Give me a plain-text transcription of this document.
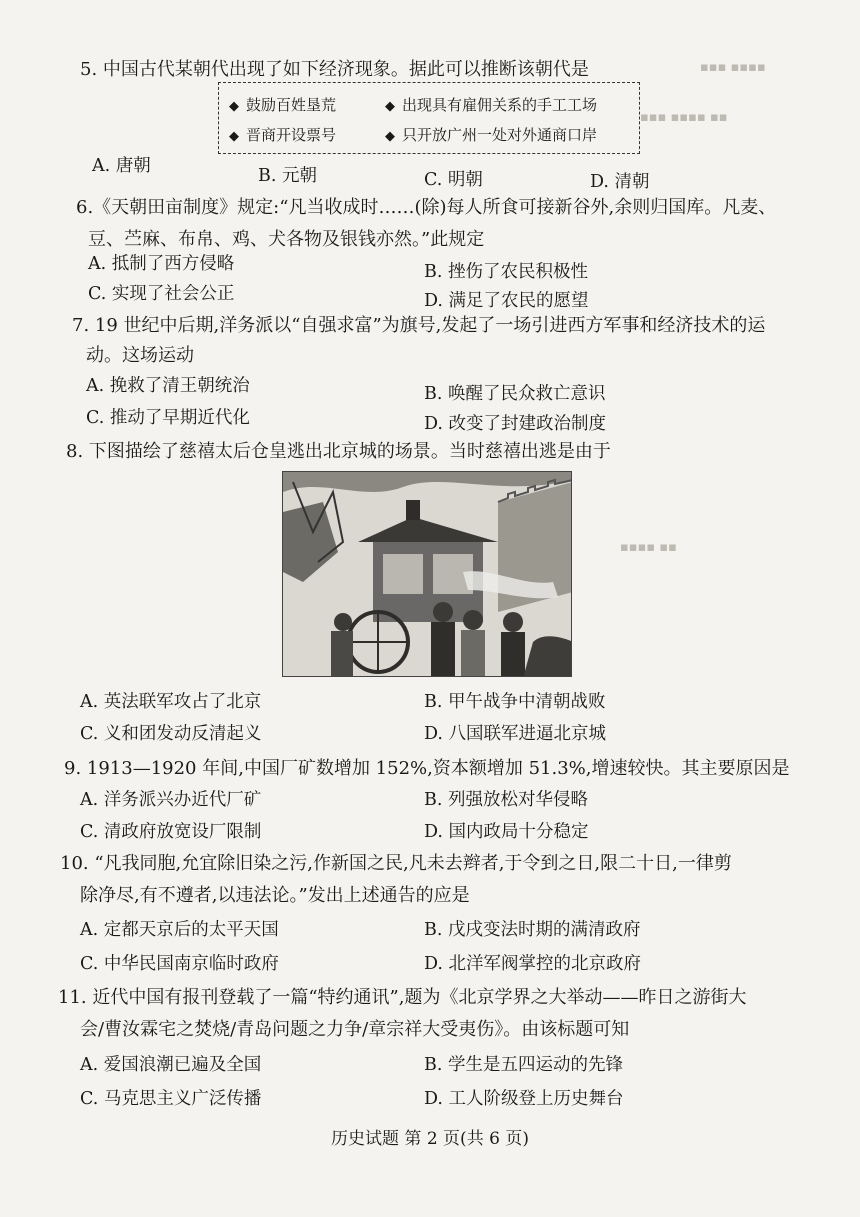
▪▪▪ ▪▪▪▪
▪▪▪ ▪▪▪▪ ▪▪
▪▪▪▪ ▪▪
5. 中国古代某朝代出现了如下经济现象。据此可以推断该朝代是
◆ 鼓励百姓垦荒	◆ 出现具有雇佣关系的手工工场
◆ 晋商开设票号	◆ 只开放广州一处对外通商口岸
A. 唐朝	B. 元朝	C. 明朝	D. 清朝
6.《天朝田亩制度》规定:“凡当收成时……(除)每人所食可接新谷外,余则归国库。凡麦、
豆、苎麻、布帛、鸡、犬各物及银钱亦然。”此规定
A. 抵制了西方侵略	B. 挫伤了农民积极性
C. 实现了社会公正	D. 满足了农民的愿望
7. 19 世纪中后期,洋务派以“自强求富”为旗号,发起了一场引进西方军事和经济技术的运
动。这场运动
A. 挽救了清王朝统治	B. 唤醒了民众救亡意识
C. 推动了早期近代化	D. 改变了封建政治制度
8. 下图描绘了慈禧太后仓皇逃出北京城的场景。当时慈禧出逃是由于
A. 英法联军攻占了北京	B. 甲午战争中清朝战败
C. 义和团发动反清起义	D. 八国联军进逼北京城
9. 1913—1920 年间,中国厂矿数增加 152%,资本额增加 51.3%,增速较快。其主要原因是
A. 洋务派兴办近代厂矿	B. 列强放松对华侵略
C. 清政府放宽设厂限制	D. 国内政局十分稳定
10. “凡我同胞,允宜除旧染之污,作新国之民,凡未去辫者,于令到之日,限二十日,一律剪
除净尽,有不遵者,以违法论。”发出上述通告的应是
A. 定都天京后的太平天国	B. 戊戌变法时期的满清政府
C. 中华民国南京临时政府	D. 北洋军阀掌控的北京政府
11. 近代中国有报刊登载了一篇“特约通讯”,题为《北京学界之大举动——昨日之游街大
会/曹汝霖宅之焚烧/青岛问题之力争/章宗祥大受夷伤》。由该标题可知
A. 爱国浪潮已遍及全国	B. 学生是五四运动的先锋
C. 马克思主义广泛传播	D. 工人阶级登上历史舞台
历史试题 第 2 页(共 6 页)
